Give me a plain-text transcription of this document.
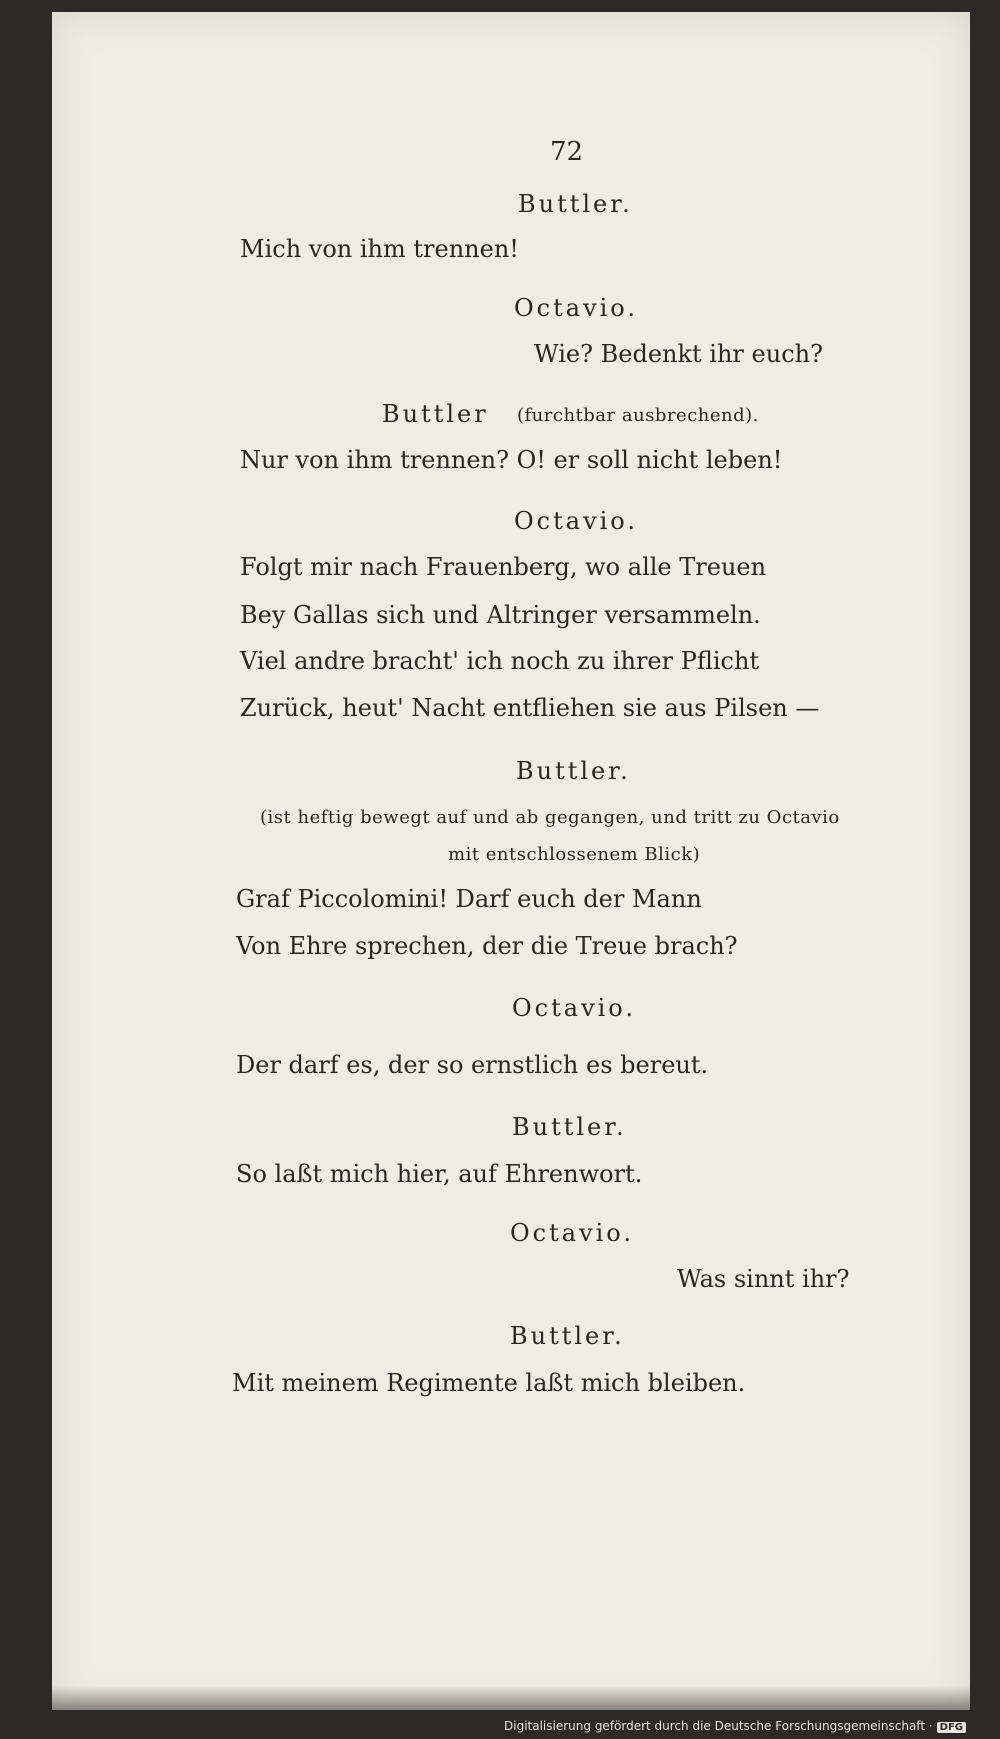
72
Buttler.
Mich von ihm trennen!
Octavio.
Wie? Bedenkt ihr euch?
Buttler (furchtbar ausbrechend).
Nur von ihm trennen? O! er soll nicht leben!
Octavio.
Folgt mir nach Frauenberg, wo alle Treuen
Bey Gallas sich und Altringer versammeln.
Viel andre bracht' ich noch zu ihrer Pflicht
Zurück, heut' Nacht entfliehen sie aus Pilsen —
Buttler.
(ist heftig bewegt auf und ab gegangen, und tritt zu Octavio
mit entschlossenem Blick)
Graf Piccolomini! Darf euch der Mann
Von Ehre sprechen, der die Treue brach?
Octavio.
Der darf es, der so ernstlich es bereut.
Buttler.
So laßt mich hier, auf Ehrenwort.
Octavio.
Was sinnt ihr?
Buttler.
Mit meinem Regimente laßt mich bleiben.
Digitalisierung gefördert durch die Deutsche Forschungsgemeinschaft · DFG
